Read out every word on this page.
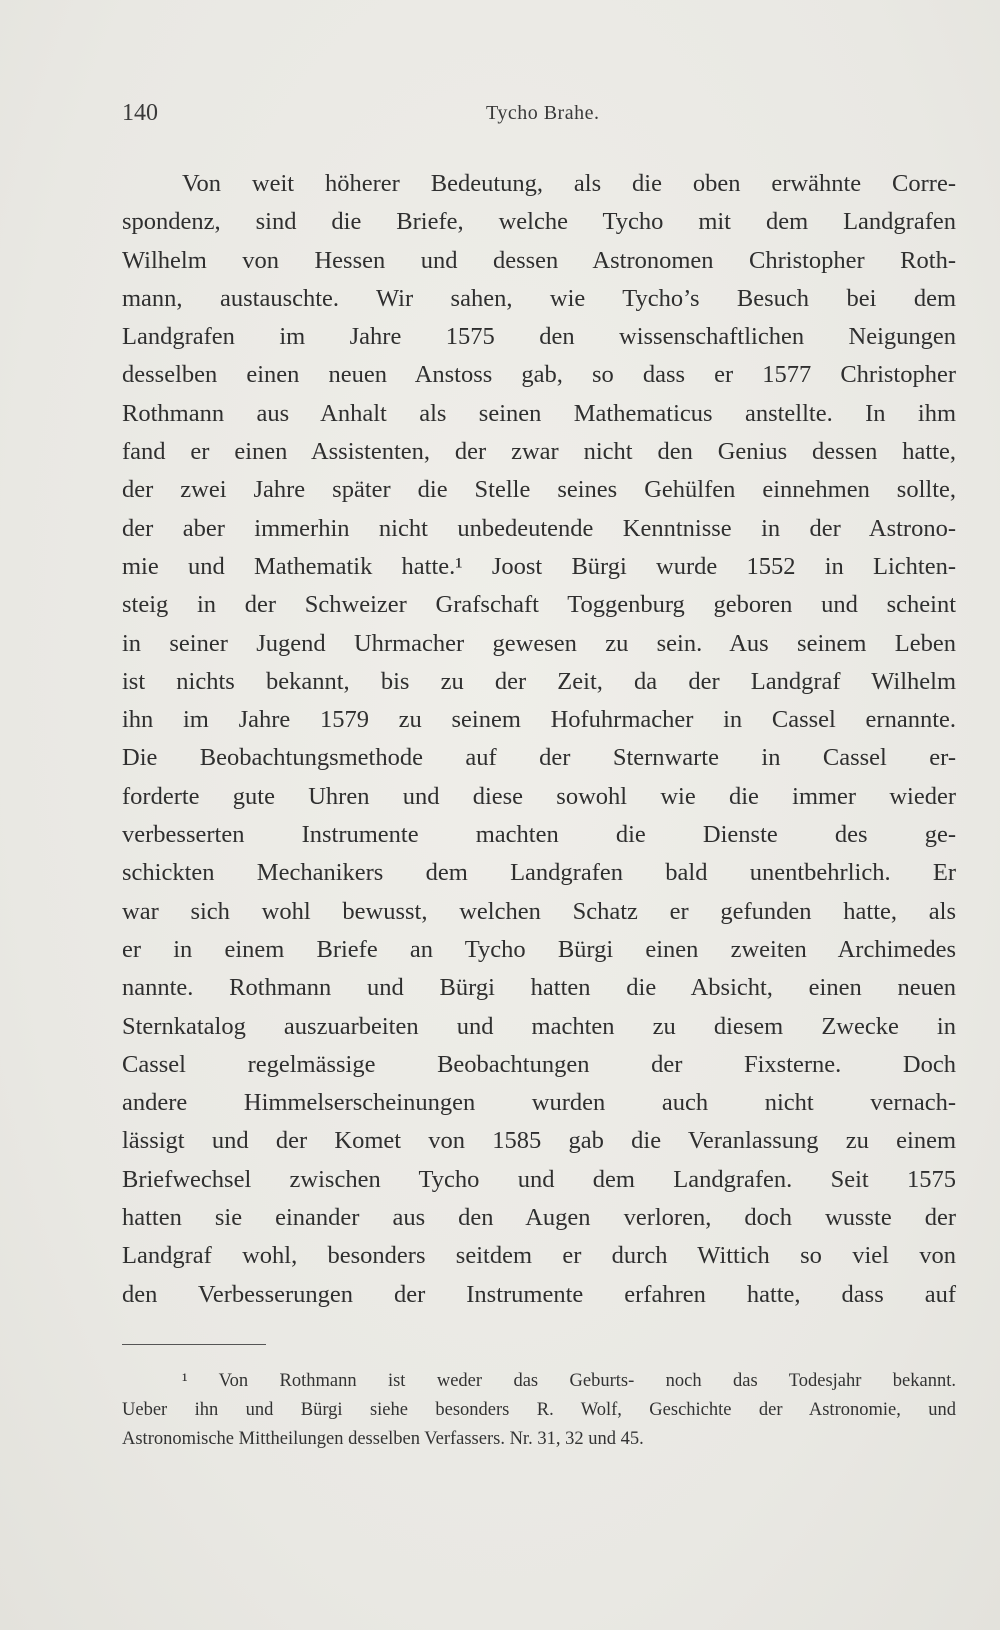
140	Tycho Brahe.
Von weit höherer Bedeutung, als die oben erwähnte Corre-
spondenz, sind die Briefe, welche Tycho mit dem Landgrafen
Wilhelm von Hessen und dessen Astronomen Christopher Roth-
mann, austauschte. Wir sahen, wie Tycho’s Besuch bei dem
Landgrafen im Jahre 1575 den wissenschaftlichen Neigungen
desselben einen neuen Anstoss gab, so dass er 1577 Christopher
Rothmann aus Anhalt als seinen Mathematicus anstellte. In ihm
fand er einen Assistenten, der zwar nicht den Genius dessen hatte,
der zwei Jahre später die Stelle seines Gehülfen einnehmen sollte,
der aber immerhin nicht unbedeutende Kenntnisse in der Astrono-
mie und Mathematik hatte.¹ Joost Bürgi wurde 1552 in Lichten-
steig in der Schweizer Grafschaft Toggenburg geboren und scheint
in seiner Jugend Uhrmacher gewesen zu sein. Aus seinem Leben
ist nichts bekannt, bis zu der Zeit, da der Landgraf Wilhelm
ihn im Jahre 1579 zu seinem Hofuhrmacher in Cassel ernannte.
Die Beobachtungsmethode auf der Sternwarte in Cassel er-
forderte gute Uhren und diese sowohl wie die immer wieder
verbesserten Instrumente machten die Dienste des ge-
schickten Mechanikers dem Landgrafen bald unentbehrlich. Er
war sich wohl bewusst, welchen Schatz er gefunden hatte, als
er in einem Briefe an Tycho Bürgi einen zweiten Archimedes
nannte. Rothmann und Bürgi hatten die Absicht, einen neuen
Sternkatalog auszuarbeiten und machten zu diesem Zwecke in
Cassel regelmässige Beobachtungen der Fixsterne. Doch
andere Himmelserscheinungen wurden auch nicht vernach-
lässigt und der Komet von 1585 gab die Veranlassung zu einem
Briefwechsel zwischen Tycho und dem Landgrafen. Seit 1575
hatten sie einander aus den Augen verloren, doch wusste der
Landgraf wohl, besonders seitdem er durch Wittich so viel von
den Verbesserungen der Instrumente erfahren hatte, dass auf
¹ Von Rothmann ist weder das Geburts- noch das Todesjahr bekannt.
Ueber ihn und Bürgi siehe besonders R. Wolf, Geschichte der Astronomie, und
Astronomische Mittheilungen desselben Verfassers. Nr. 31, 32 und 45.
